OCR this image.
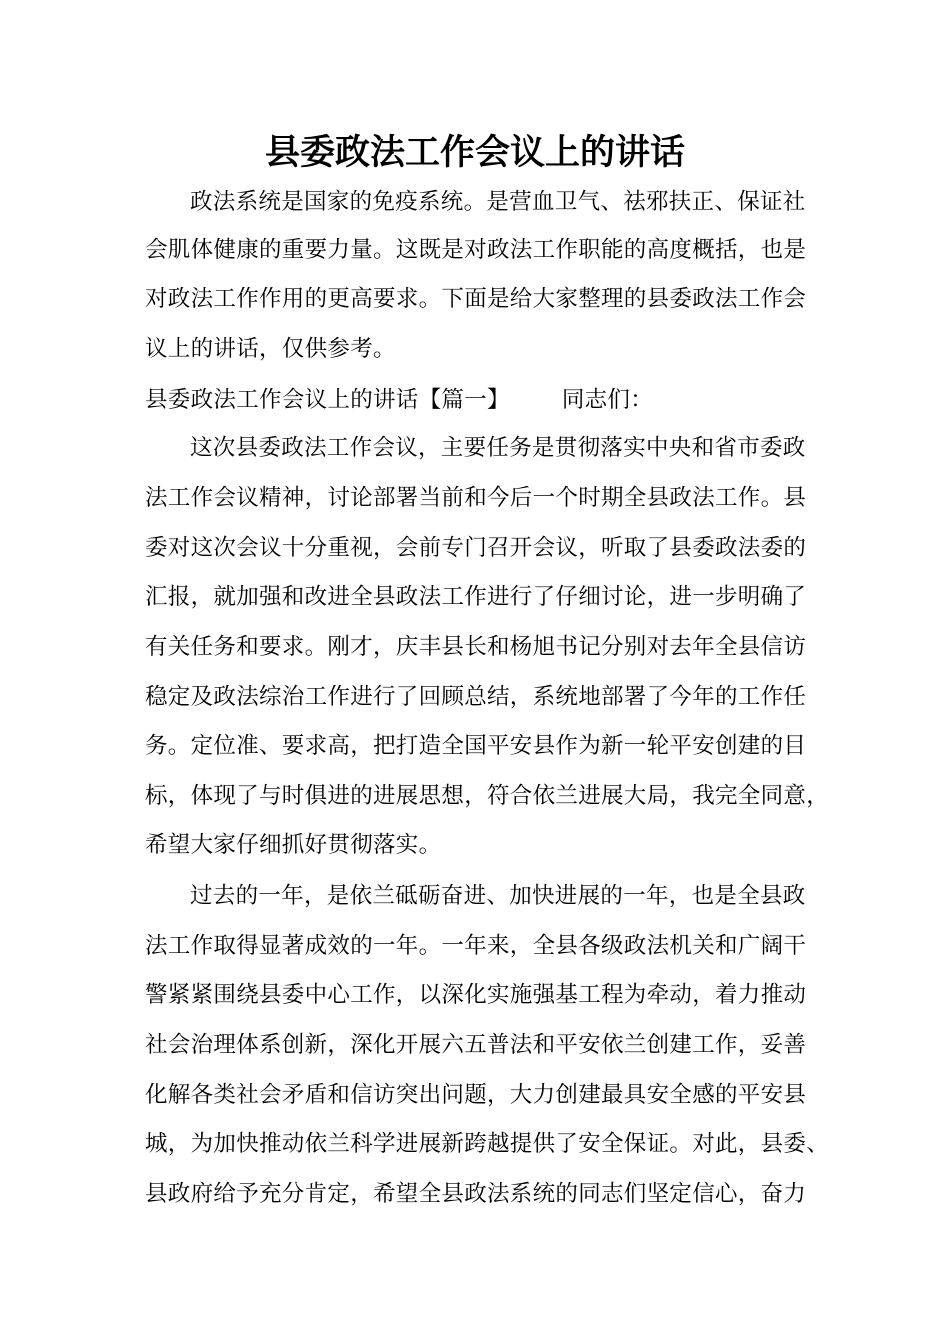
县委政法工作会议上的讲话
政法系统是国家的免疫系统。是营血卫气、祛邪扶正、保证社
会肌体健康的重要力量。这既是对政法工作职能的高度概括，也是
对政法工作作用的更高要求。下面是给大家整理的县委政法工作会
议上的讲话，仅供参考。
县委政法工作会议上的讲话【篇一】 同志们：
这次县委政法工作会议，主要任务是贯彻落实中央和省市委政
法工作会议精神，讨论部署当前和今后一个时期全县政法工作。县
委对这次会议十分重视，会前专门召开会议，听取了县委政法委的
汇报，就加强和改进全县政法工作进行了仔细讨论，进一步明确了
有关任务和要求。刚才，庆丰县长和杨旭书记分别对去年全县信访
稳定及政法综治工作进行了回顾总结，系统地部署了今年的工作任
务。定位准、要求高，把打造全国平安县作为新一轮平安创建的目
标，体现了与时俱进的进展思想，符合依兰进展大局，我完全同意，
希望大家仔细抓好贯彻落实。
过去的一年，是依兰砥砺奋进、加快进展的一年，也是全县政
法工作取得显著成效的一年。一年来，全县各级政法机关和广阔干
警紧紧围绕县委中心工作，以深化实施强基工程为牵动，着力推动
社会治理体系创新，深化开展六五普法和平安依兰创建工作，妥善
化解各类社会矛盾和信访突出问题，大力创建最具安全感的平安县
城，为加快推动依兰科学进展新跨越提供了安全保证。对此，县委、
县政府给予充分肯定，希望全县政法系统的同志们坚定信心，奋力
